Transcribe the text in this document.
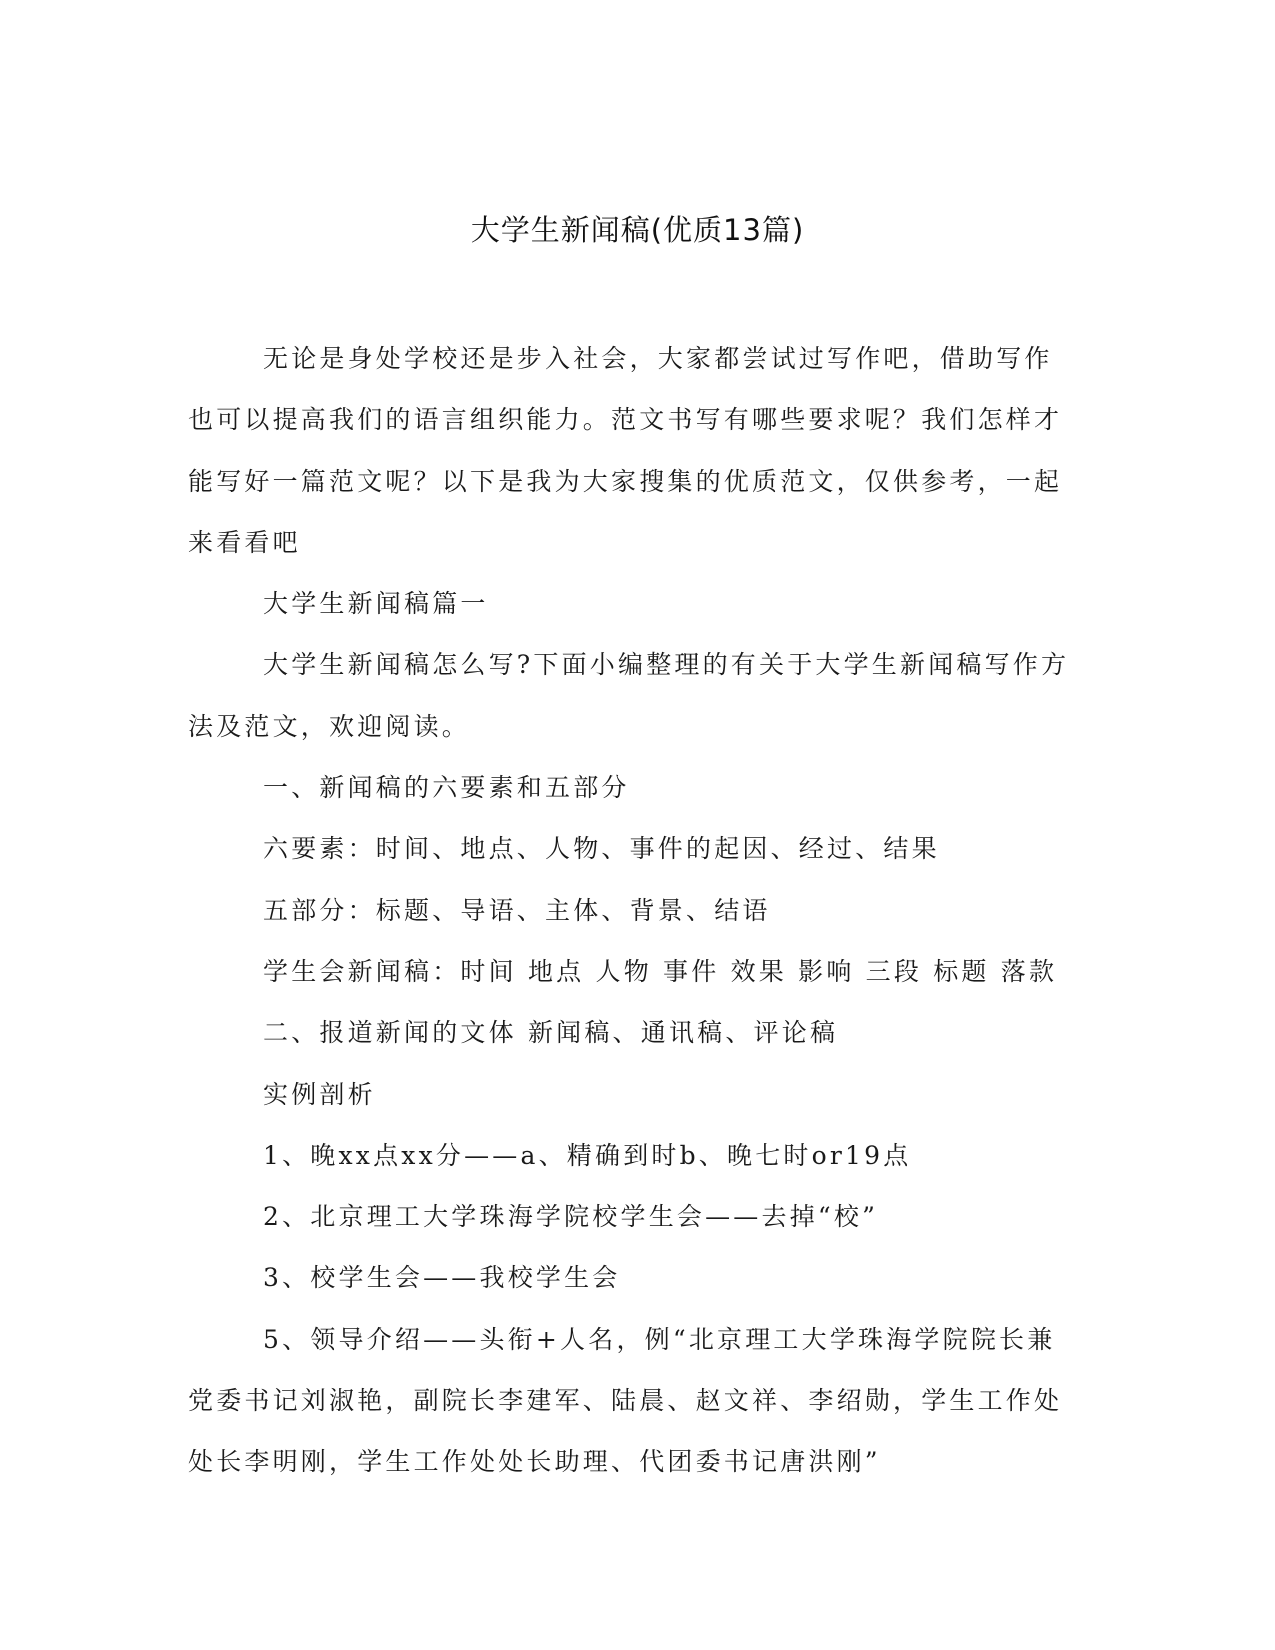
大学生新闻稿(优质13篇)

无论是身处学校还是步入社会，大家都尝试过写作吧，借助写作也可以提高我们的语言组织能力。范文书写有哪些要求呢？我们怎样才能写好一篇范文呢？以下是我为大家搜集的优质范文，仅供参考，一起来看看吧

大学生新闻稿篇一

大学生新闻稿怎么写?下面小编整理的有关于大学生新闻稿写作方法及范文，欢迎阅读。

一、新闻稿的六要素和五部分

六要素：时间、地点、人物、事件的起因、经过、结果

五部分：标题、导语、主体、背景、结语

学生会新闻稿：时间 地点 人物 事件 效果 影响 三段 标题 落款

二、报道新闻的文体 新闻稿、通讯稿、评论稿

实例剖析

1、晚xx点xx分——a、精确到时b、晚七时or19点

2、北京理工大学珠海学院校学生会——去掉“校”

3、校学生会——我校学生会

5、领导介绍——头衔+人名，例“北京理工大学珠海学院院长兼党委书记刘淑艳，副院长李建军、陆晨、赵文祥、李绍勋，学生工作处处长李明刚，学生工作处处长助理、代团委书记唐洪刚”
